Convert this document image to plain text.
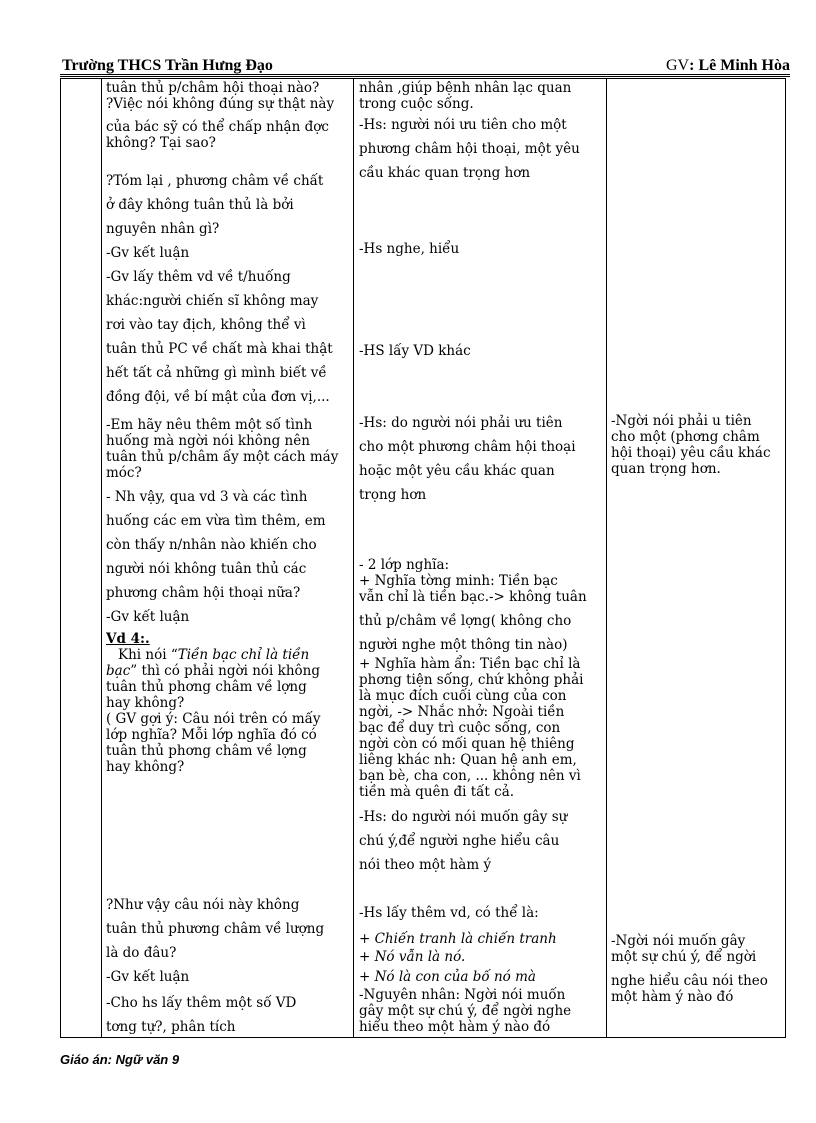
Trường THCS Trần Hưng Đạo	GV: Lê Minh Hòa

tuân thủ p/châm hội thoại nào?

?Việc nói không đúng sự thật này

của bác sỹ có thể chấp nhận đợc

không? Tại sao?

?Tóm lại , phương châm về chất

ở đây không tuân thủ là bởi

nguyên nhân gì?

-Gv kết luận

-Gv lấy thêm vd về t/huống

khác:người chiến sĩ không may

rơi vào tay địch, không thể vì

tuân thủ PC về chất mà khai thật

hết tất cả những gì mình biết về

đồng đội, về bí mật của đơn vị,...

-Em hãy nêu thêm một số tình

huống mà ngời nói không nên

tuân thủ p/châm ấy một cách máy

móc?

- Nh vậy, qua vd 3 và các tình

huống các em vừa tìm thêm, em

còn thấy n/nhân nào khiến cho

người nói không tuân thủ các

phương châm hội thoại nữa?

-Gv kết luận

Vd 4:.

Khi nói “Tiền bạc chỉ là tiền

bạc” thì có phải ngời nói không

tuân thủ phơng châm về lợng

hay không?

( GV gợi ý: Câu nói trên có mấy

lớp nghĩa? Mỗi lớp nghĩa đó có

tuân thủ phơng châm về lợng

hay không?

?Như vậy câu nói này không

tuân thủ phương châm về lượng

là do đâu?

-Gv kết luận

-Cho hs lấy thêm một số VD

tơng tự?, phân tích

nhân ,giúp bệnh nhân lạc quan

trong cuộc sống.

-Hs: người nói ưu tiên cho một

phương châm hội thoại, một yêu

cầu khác quan trọng hơn

-Hs nghe, hiểu

-HS lấy VD khác

-Hs: do người nói phải ưu tiên

cho một phương châm hội thoại

hoặc một yêu cầu khác quan

trọng hơn

- 2 lớp nghĩa:

+ Nghĩa tờng minh: Tiền bạc

vẫn chỉ là tiền bạc.-> không tuân

thủ p/châm về lợng( không cho

người nghe một thông tin nào)

+ Nghĩa hàm ẩn: Tiền bạc chỉ là

phơng tiện sống, chứ không phải

là mục đích cuối cùng của con

ngời, -> Nhắc nhở: Ngoài tiền

bạc để duy trì cuộc sống, con

ngời còn có mối quan hệ thiêng

liêng khác nh: Quan hệ anh em,

bạn bè, cha con, ... không nên vì

tiền mà quên đi tất cả.

-Hs: do người nói muốn gây sự

chú ý,để người nghe hiểu câu

nói theo một hàm ý

-Hs lấy thêm vd, có thể là:

+ Chiến tranh là chiến tranh

+ Nó vẫn là nó.

+ Nó là con của bố nó mà

-Nguyên nhân: Ngời nói muốn

gây một sự chú ý, để ngời nghe

hiểu theo một hàm ý nào đó

-Ngời nói phải u tiên

cho một (phơng châm

hội thoại) yêu cầu khác

quan trọng hơn.

-Ngời nói muốn gây

một sự chú ý, để ngời

nghe hiểu câu nói theo

một hàm ý nào đó

Giáo án: Ngữ văn 9
